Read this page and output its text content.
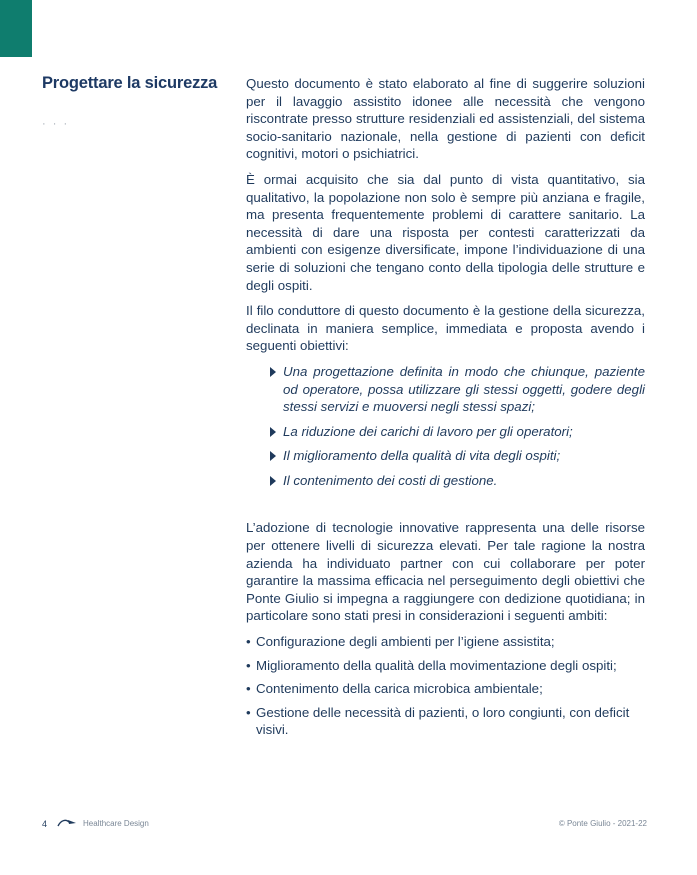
Progettare la sicurezza
· · ·

Questo documento è stato elaborato al fine di suggerire soluzioni per il lavaggio assistito idonee alle necessità che vengono riscontrate presso strutture residenziali ed assistenziali, del sistema socio-sanitario nazionale, nella gestione di pazienti con deficit cognitivi, motori o psichiatrici.

È ormai acquisito che sia dal punto di vista quantitativo, sia qualitativo, la popolazione non solo è sempre più anziana e fragile, ma presenta frequentemente problemi di carattere sanitario. La necessità di dare una risposta per contesti caratterizzati da ambienti con esigenze diversificate, impone l’individuazione di una serie di soluzioni che tengano conto della tipologia delle strutture e degli ospiti.

Il filo conduttore di questo documento è la gestione della sicurezza, declinata in maniera semplice, immediata e proposta avendo i seguenti obiettivi:

Una progettazione definita in modo che chiunque, paziente od operatore, possa utilizzare gli stessi oggetti, godere degli stessi servizi e muoversi negli stessi spazi;
La riduzione dei carichi di lavoro per gli operatori;
Il miglioramento della qualità di vita degli ospiti;
Il contenimento dei costi di gestione.

L’adozione di tecnologie innovative rappresenta una delle risorse per ottenere livelli di sicurezza elevati. Per tale ragione la nostra azienda ha individuato partner con cui collaborare per poter garantire la massima efficacia nel perseguimento degli obiettivi che Ponte Giulio si impegna a raggiungere con dedizione quotidiana; in particolare sono stati presi in considerazioni i seguenti ambiti:

• Configurazione degli ambienti per l’igiene assistita;
• Miglioramento della qualità della movimentazione degli ospiti;
• Contenimento della carica microbica ambientale;
• Gestione delle necessità di pazienti, o loro congiunti, con deficit visivi.
4	Healthcare Design	© Ponte Giulio - 2021-22
